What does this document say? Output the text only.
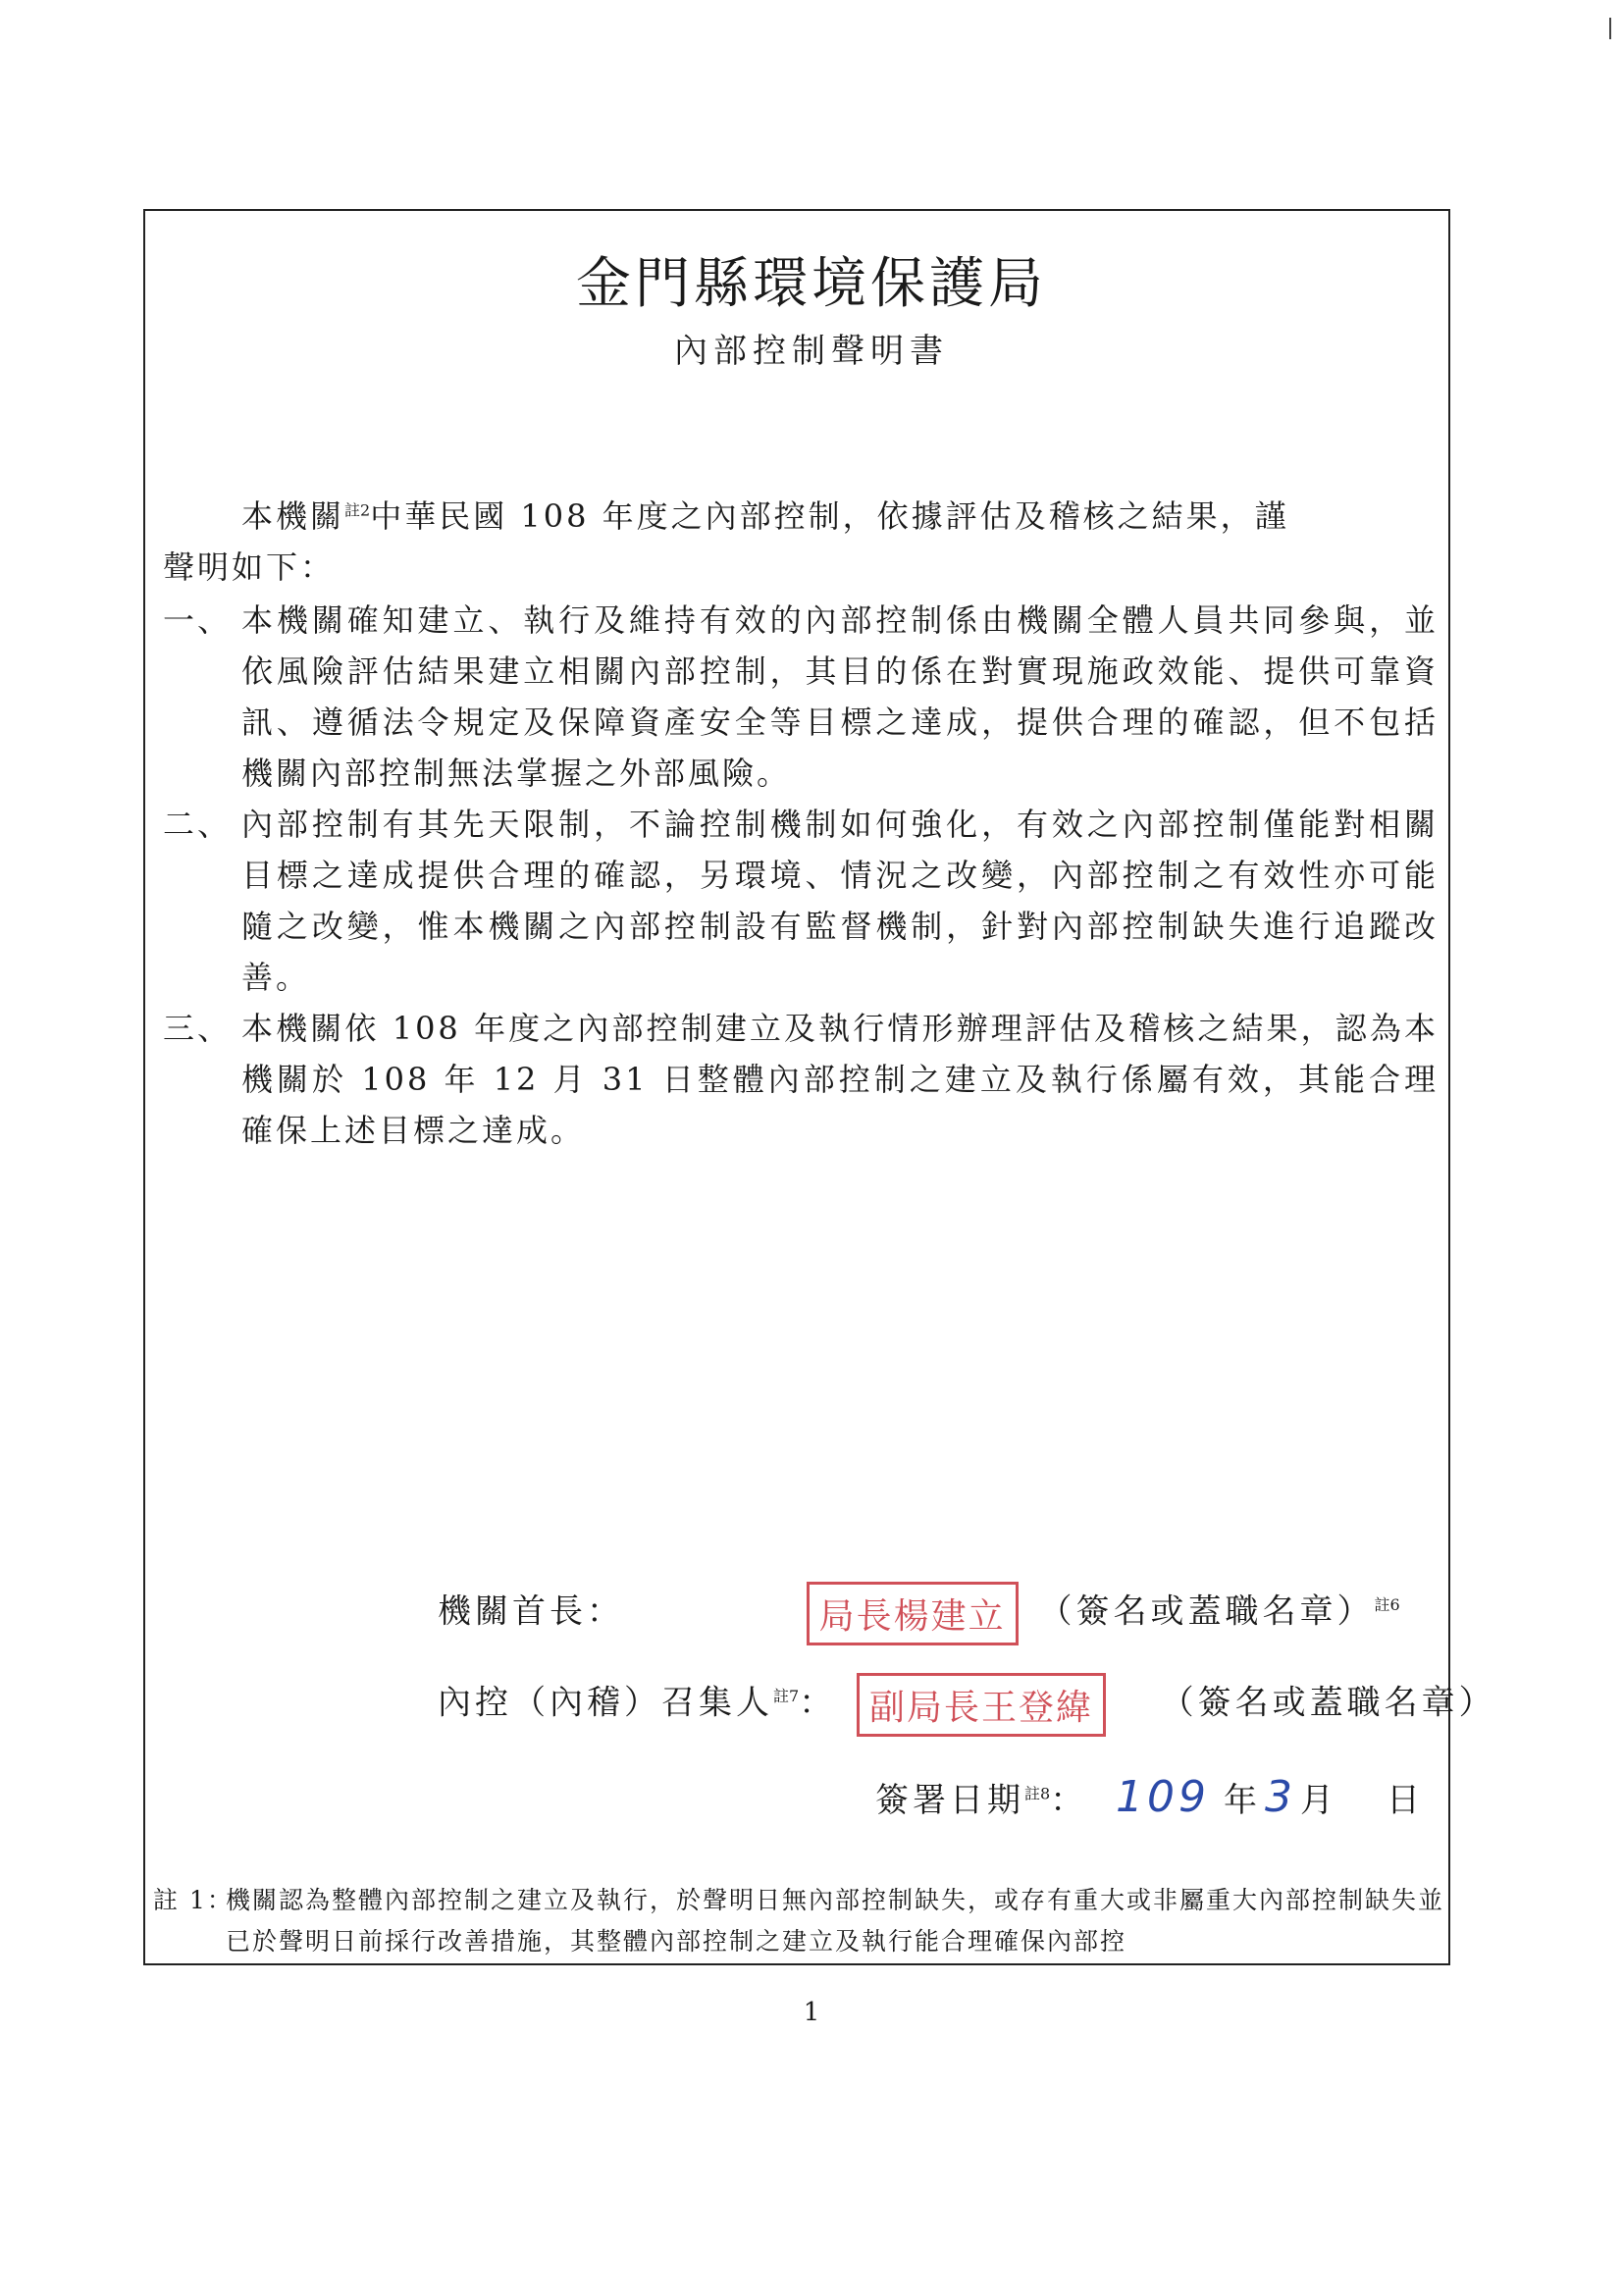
金門縣環境保護局
內部控制聲明書
本機關$^{註2}$中華民國 108 年度之內部控制，依據評估及稽核之結果，謹
聲明如下：
一、 本機關確知建立、執行及維持有效的內部控制係由機關全體人員共同參與，並依風險評估結果建立相關內部控制，其目的係在對實現施政效能、提供可靠資訊、遵循法令規定及保障資產安全等目標之達成，提供合理的確認，但不包括機關內部控制無法掌握之外部風險。
二、 內部控制有其先天限制，不論控制機制如何強化，有效之內部控制僅能對相關目標之達成提供合理的確認，另環境、情況之改變，內部控制之有效性亦可能隨之改變，惟本機關之內部控制設有監督機制，針對內部控制缺失進行追蹤改善。
三、 本機關依 108 年度之內部控制建立及執行情形辦理評估及稽核之結果，認為本機關於 108 年 12 月 31 日整體內部控制之建立及執行係屬有效，其能合理確保上述目標之達成。
機關首長：	局長楊建立 （簽名或蓋職名章）$^{註6}$
內控（內稽）召集人$^{註7}$： 副局長王登緯 （簽名或蓋職名章）
簽署日期$^{註8}$： 109 年3 月 日
註 1：
機關認為整體內部控制之建立及執行，於聲明日無內部控制缺失，或存有重大或非屬重大內部控制缺失並已於聲明日前採行改善措施，其整體內部控制之建立及執行能合理確保內部控
1
